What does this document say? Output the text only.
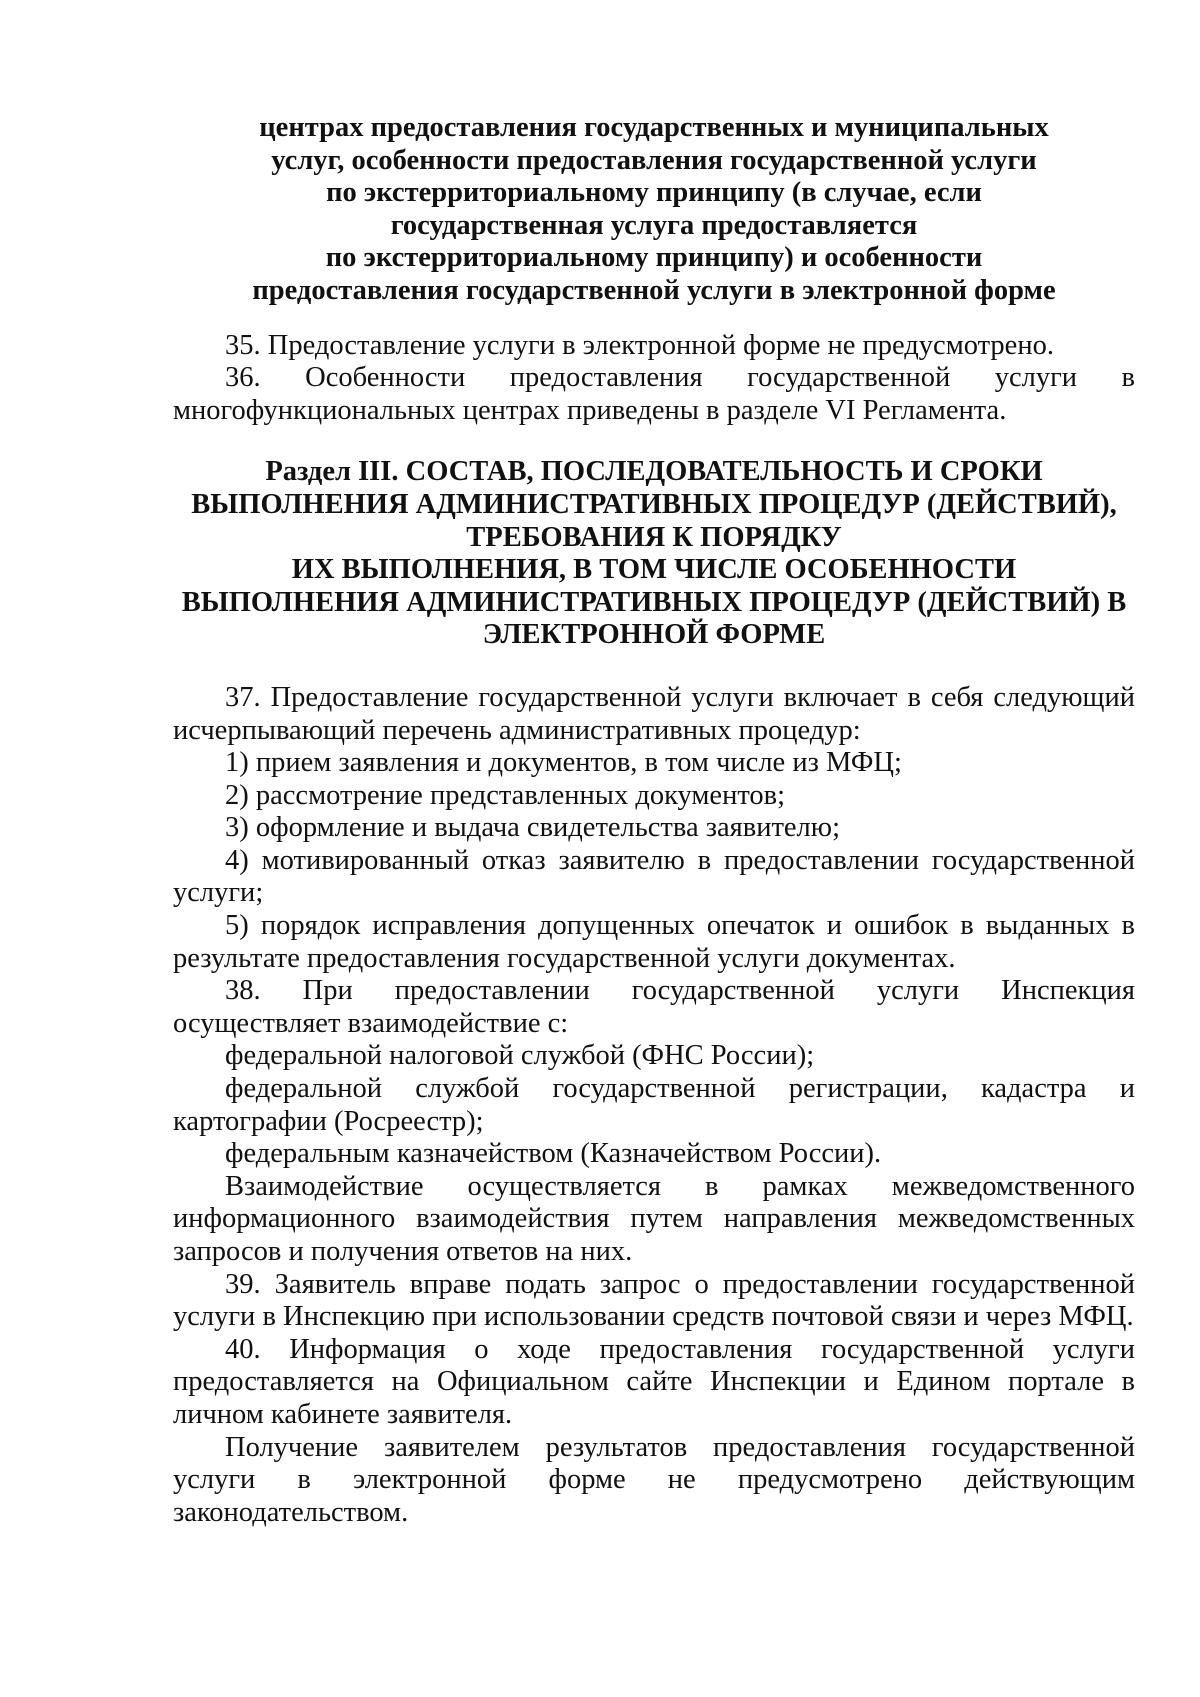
центрах предоставления государственных и муниципальных
услуг, особенности предоставления государственной услуги
по экстерриториальному принципу (в случае, если
государственная услуга предоставляется
по экстерриториальному принципу) и особенности
предоставления государственной услуги в электронной форме

35. Предоставление услуги в электронной форме не предусмотрено.

36. Особенности предоставления государственной услуги в многофункциональных центрах приведены в разделе VI Регламента.

Раздел III. СОСТАВ, ПОСЛЕДОВАТЕЛЬНОСТЬ И СРОКИ
ВЫПОЛНЕНИЯ АДМИНИСТРАТИВНЫХ ПРОЦЕДУР (ДЕЙСТВИЙ),
ТРЕБОВАНИЯ К ПОРЯДКУ
ИХ ВЫПОЛНЕНИЯ, В ТОМ ЧИСЛЕ ОСОБЕННОСТИ
ВЫПОЛНЕНИЯ АДМИНИСТРАТИВНЫХ ПРОЦЕДУР (ДЕЙСТВИЙ) В
ЭЛЕКТРОННОЙ ФОРМЕ

37. Предоставление государственной услуги включает в себя следующий исчерпывающий перечень административных процедур:

1) прием заявления и документов, в том числе из МФЦ;

2) рассмотрение представленных документов;

3) оформление и выдача свидетельства заявителю;

4) мотивированный отказ заявителю в предоставлении государственной услуги;

5) порядок исправления допущенных опечаток и ошибок в выданных в результате предоставления государственной услуги документах.

38. При предоставлении государственной услуги Инспекция осуществляет взаимодействие с:

федеральной налоговой службой (ФНС России);

федеральной службой государственной регистрации, кадастра и картографии (Росреестр);

федеральным казначейством (Казначейством России).

Взаимодействие осуществляется в рамках межведомственного информационного взаимодействия путем направления межведомственных запросов и получения ответов на них.

39. Заявитель вправе подать запрос о предоставлении государственной услуги в Инспекцию при использовании средств почтовой связи и через МФЦ.

40. Информация о ходе предоставления государственной услуги предоставляется на Официальном сайте Инспекции и Едином портале в личном кабинете заявителя.

Получение заявителем результатов предоставления государственной услуги в электронной форме не предусмотрено действующим законодательством.
